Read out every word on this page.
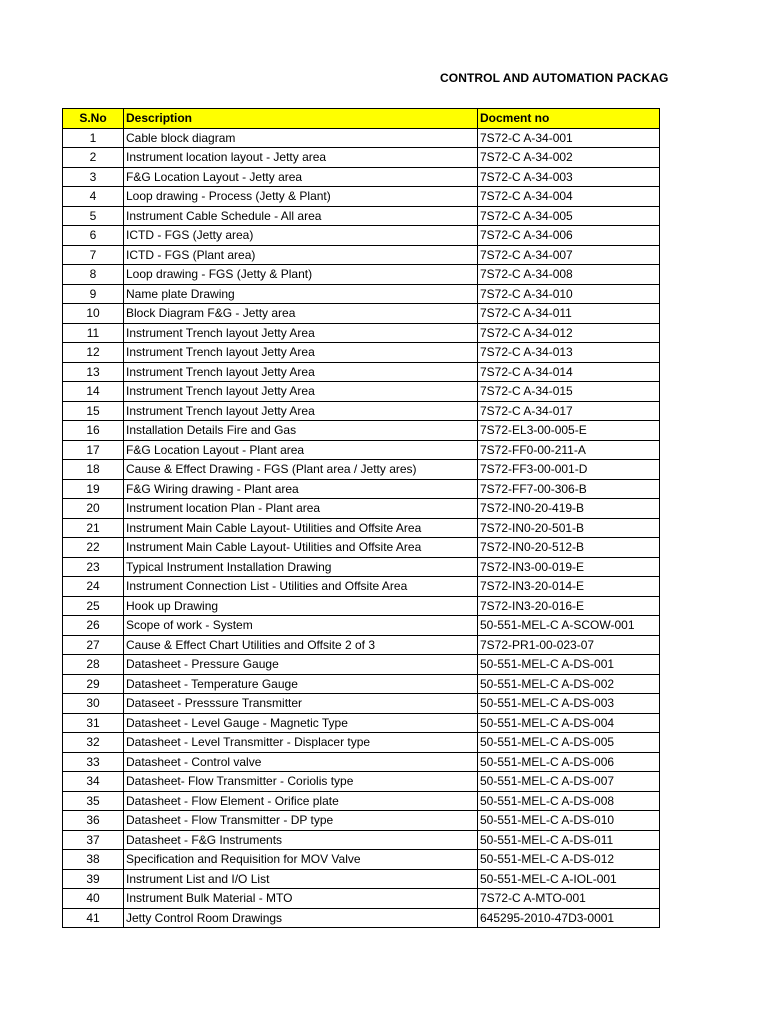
CONTROL AND AUTOMATION PACKAG
S.No	Description	Docment no
1	Cable block diagram	7S72-C A-34-001
2	Instrument location layout - Jetty area	7S72-C A-34-002
3	F&G Location Layout - Jetty area	7S72-C A-34-003
4	Loop drawing - Process (Jetty & Plant)	7S72-C A-34-004
5	Instrument Cable Schedule - All area	7S72-C A-34-005
6	ICTD - FGS (Jetty area)	7S72-C A-34-006
7	ICTD - FGS (Plant area)	7S72-C A-34-007
8	Loop drawing - FGS (Jetty & Plant)	7S72-C A-34-008
9	Name plate Drawing	7S72-C A-34-010
10	Block Diagram F&G - Jetty area	7S72-C A-34-011
11	Instrument Trench layout Jetty Area	7S72-C A-34-012
12	Instrument Trench layout Jetty Area	7S72-C A-34-013
13	Instrument Trench layout Jetty Area	7S72-C A-34-014
14	Instrument Trench layout Jetty Area	7S72-C A-34-015
15	Instrument Trench layout Jetty Area	7S72-C A-34-017
16	Installation Details Fire and Gas	7S72-EL3-00-005-E
17	F&G Location Layout - Plant area	7S72-FF0-00-211-A
18	Cause & Effect Drawing - FGS (Plant area / Jetty ares)	7S72-FF3-00-001-D
19	F&G Wiring drawing - Plant area	7S72-FF7-00-306-B
20	Instrument location Plan - Plant area	7S72-IN0-20-419-B
21	Instrument Main Cable Layout- Utilities and Offsite Area	7S72-IN0-20-501-B
22	Instrument Main Cable Layout- Utilities and Offsite Area	7S72-IN0-20-512-B
23	Typical Instrument Installation Drawing	7S72-IN3-00-019-E
24	Instrument Connection List - Utilities and Offsite Area	7S72-IN3-20-014-E
25	Hook up Drawing	7S72-IN3-20-016-E
26	Scope of work - System	50-551-MEL-C A-SCOW-001
27	Cause & Effect Chart Utilities and Offsite 2 of 3	7S72-PR1-00-023-07
28	Datasheet - Pressure Gauge	50-551-MEL-C A-DS-001
29	Datasheet - Temperature Gauge	50-551-MEL-C A-DS-002
30	Dataseet - Presssure Transmitter	50-551-MEL-C A-DS-003
31	Datasheet - Level Gauge - Magnetic Type	50-551-MEL-C A-DS-004
32	Datasheet - Level Transmitter - Displacer type	50-551-MEL-C A-DS-005
33	Datasheet - Control valve	50-551-MEL-C A-DS-006
34	Datasheet- Flow Transmitter - Coriolis type	50-551-MEL-C A-DS-007
35	Datasheet - Flow Element - Orifice plate	50-551-MEL-C A-DS-008
36	Datasheet - Flow Transmitter - DP type	50-551-MEL-C A-DS-010
37	Datasheet - F&G Instruments	50-551-MEL-C A-DS-011
38	Specification and Requisition for MOV Valve	50-551-MEL-C A-DS-012
39	Instrument List and I/O List	50-551-MEL-C A-IOL-001
40	Instrument Bulk Material - MTO	7S72-C A-MTO-001
41	Jetty Control Room Drawings	645295-2010-47D3-0001
